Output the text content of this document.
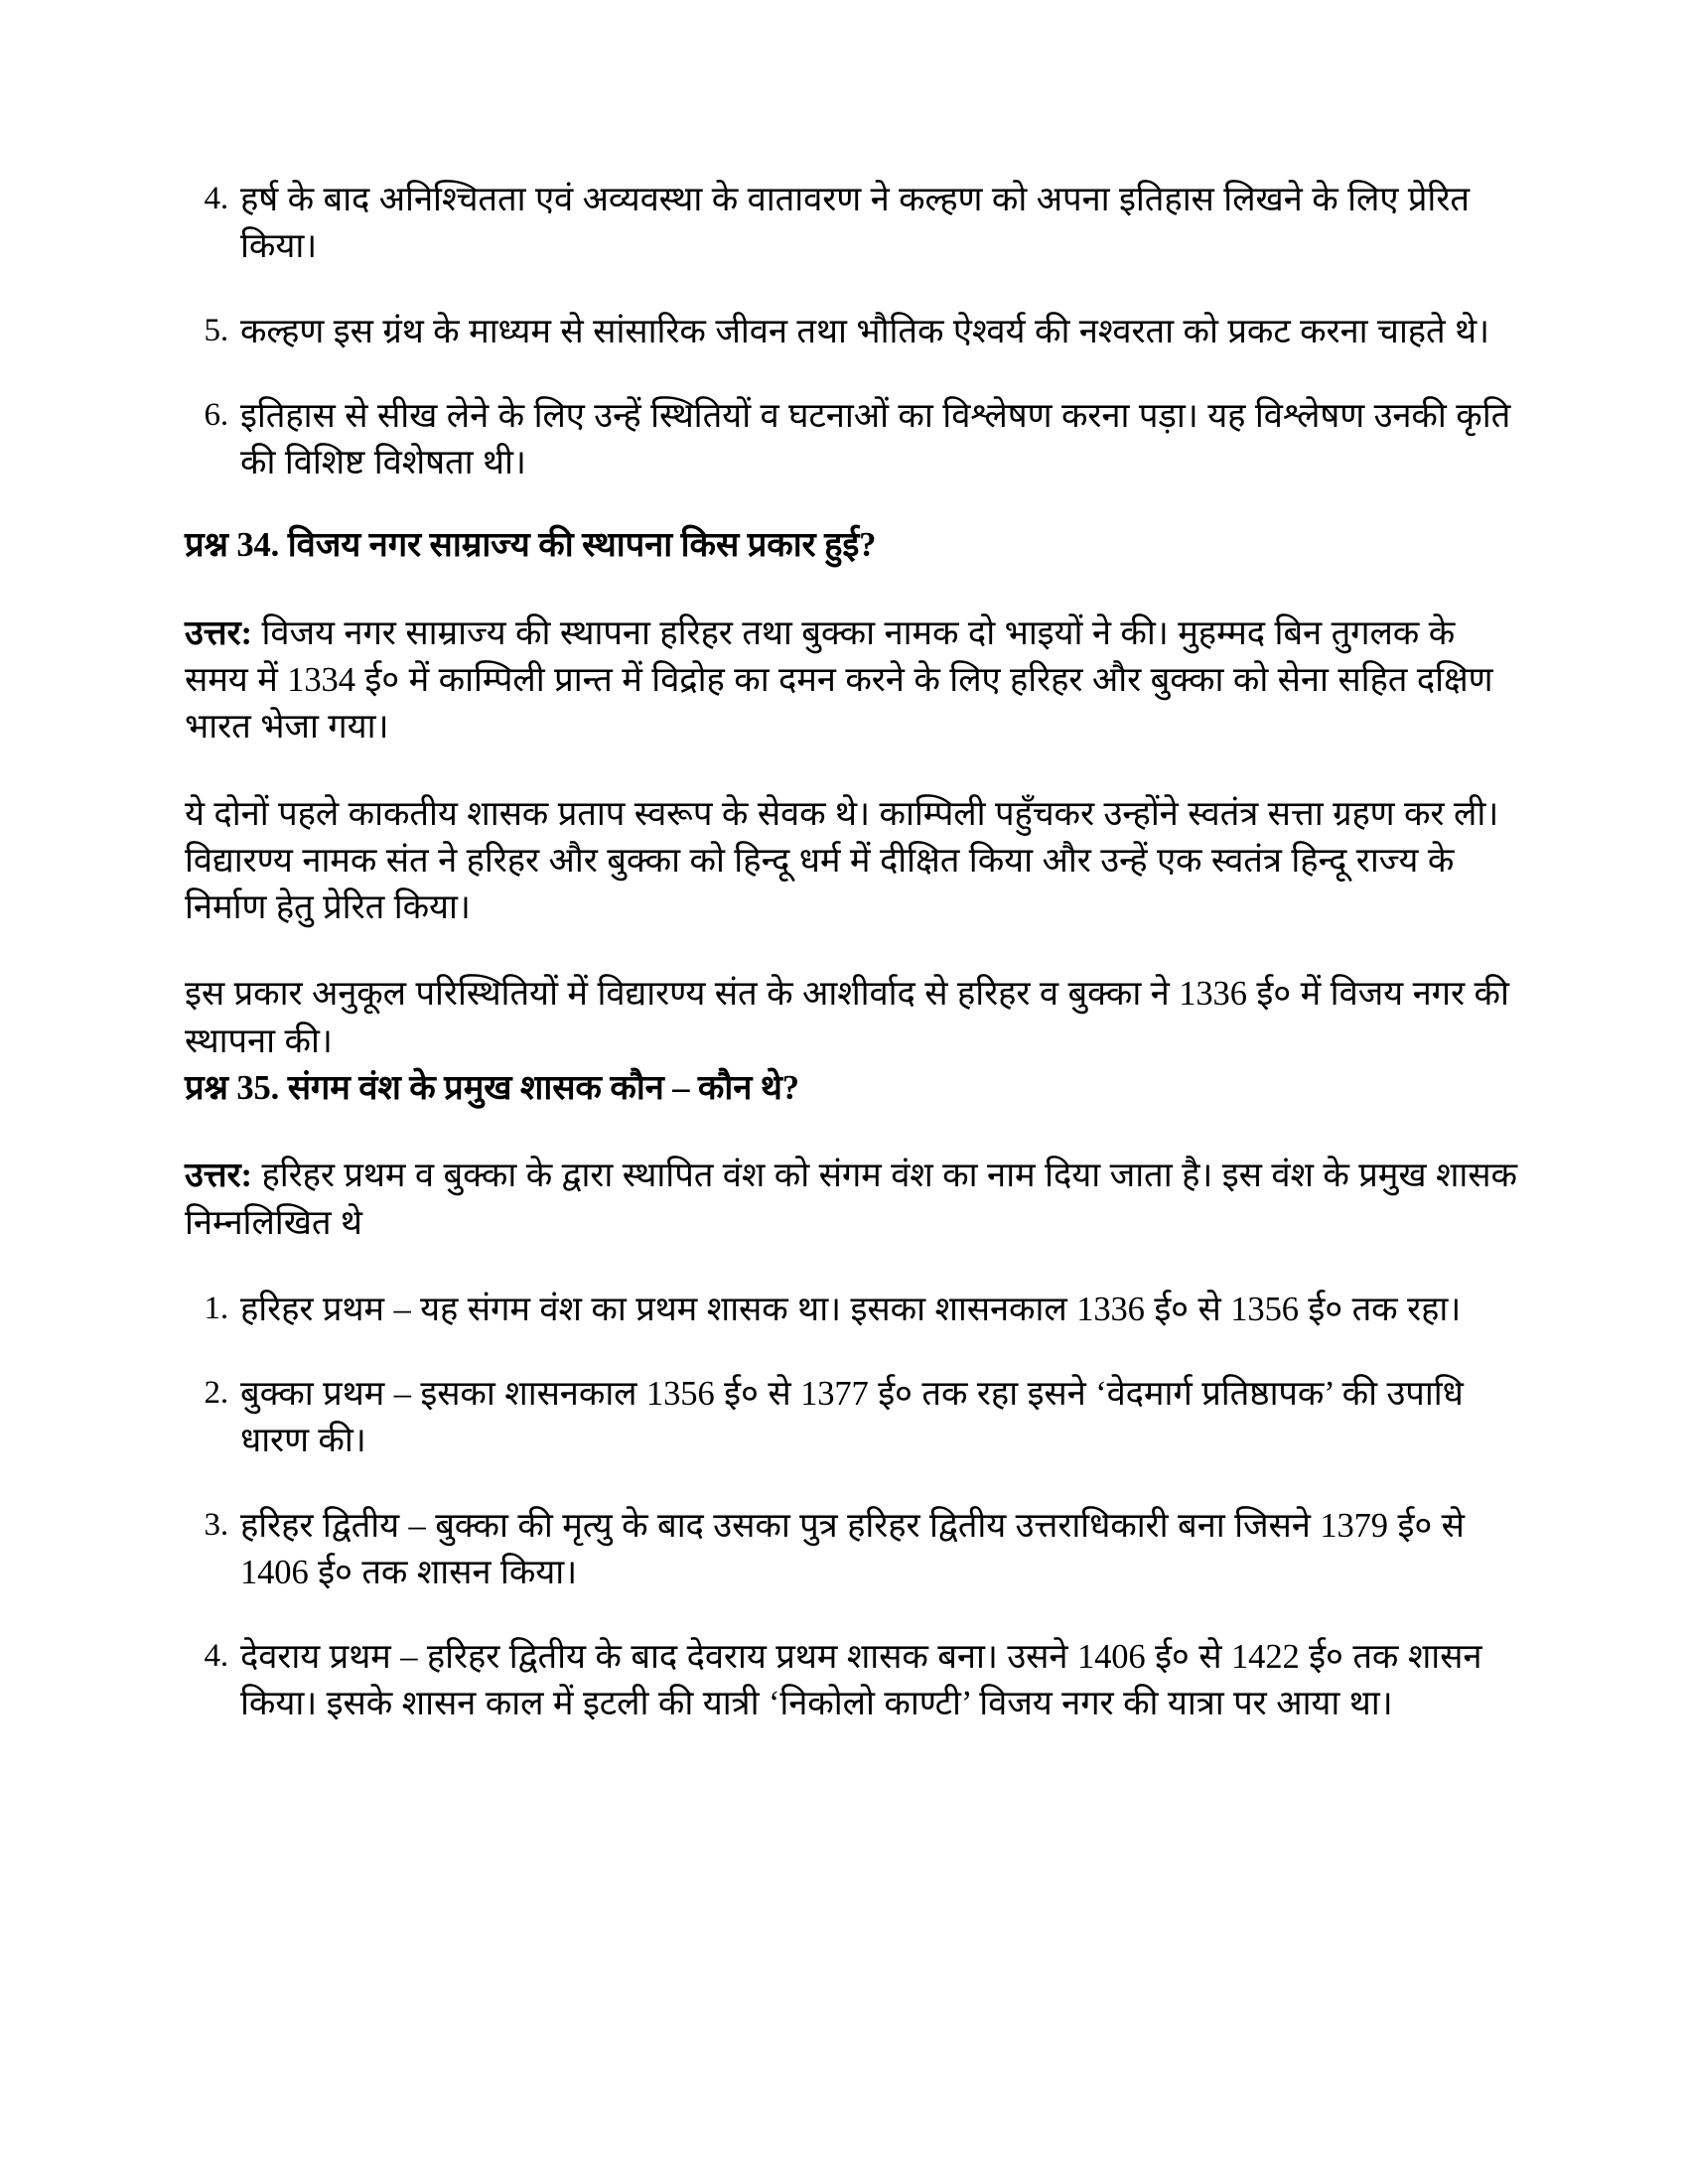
4. हर्ष के बाद अनिश्चितता एवं अव्यवस्था के वातावरण ने कल्हण को अपना इतिहास लिखने के लिए प्रेरित किया।
5. कल्हण इस ग्रंथ के माध्यम से सांसारिक जीवन तथा भौतिक ऐश्वर्य की नश्वरता को प्रकट करना चाहते थे।
6. इतिहास से सीख लेने के लिए उन्हें स्थितियों व घटनाओं का विश्लेषण करना पड़ा। यह विश्लेषण उनकी कृति की विशिष्ट विशेषता थी।
प्रश्न 34. विजय नगर साम्राज्य की स्थापना किस प्रकार हुई?

उत्तर: विजय नगर साम्राज्य की स्थापना हरिहर तथा बुक्का नामक दो भाइयों ने की। मुहम्मद बिन तुगलक के समय में 1334 ई० में काम्पिली प्रान्त में विद्रोह का दमन करने के लिए हरिहर और बुक्का को सेना सहित दक्षिण भारत भेजा गया।

ये दोनों पहले काकतीय शासक प्रताप स्वरूप के सेवक थे। काम्पिली पहुँचकर उन्होंने स्वतंत्र सत्ता ग्रहण कर ली। विद्यारण्य नामक संत ने हरिहर और बुक्का को हिन्दू धर्म में दीक्षित किया और उन्हें एक स्वतंत्र हिन्दू राज्य के निर्माण हेतु प्रेरित किया।

इस प्रकार अनुकूल परिस्थितियों में विद्यारण्य संत के आशीर्वाद से हरिहर व बुक्का ने 1336 ई० में विजय नगर की स्थापना की।

प्रश्न 35. संगम वंश के प्रमुख शासक कौन – कौन थे?

उत्तर: हरिहर प्रथम व बुक्का के द्वारा स्थापित वंश को संगम वंश का नाम दिया जाता है। इस वंश के प्रमुख शासक निम्नलिखित थे

1. हरिहर प्रथम – यह संगम वंश का प्रथम शासक था। इसका शासनकाल 1336 ई० से 1356 ई० तक रहा।
2. बुक्का प्रथम – इसका शासनकाल 1356 ई० से 1377 ई० तक रहा इसने ‘वेदमार्ग प्रतिष्ठापक’ की उपाधि धारण की।
3. हरिहर द्वितीय – बुक्का की मृत्यु के बाद उसका पुत्र हरिहर द्वितीय उत्तराधिकारी बना जिसने 1379 ई० से 1406 ई० तक शासन किया।
4. देवराय प्रथम – हरिहर द्वितीय के बाद देवराय प्रथम शासक बना। उसने 1406 ई० से 1422 ई० तक शासन किया। इसके शासन काल में इटली की यात्री ‘निकोलो काण्टी’ विजय नगर की यात्रा पर आया था।
